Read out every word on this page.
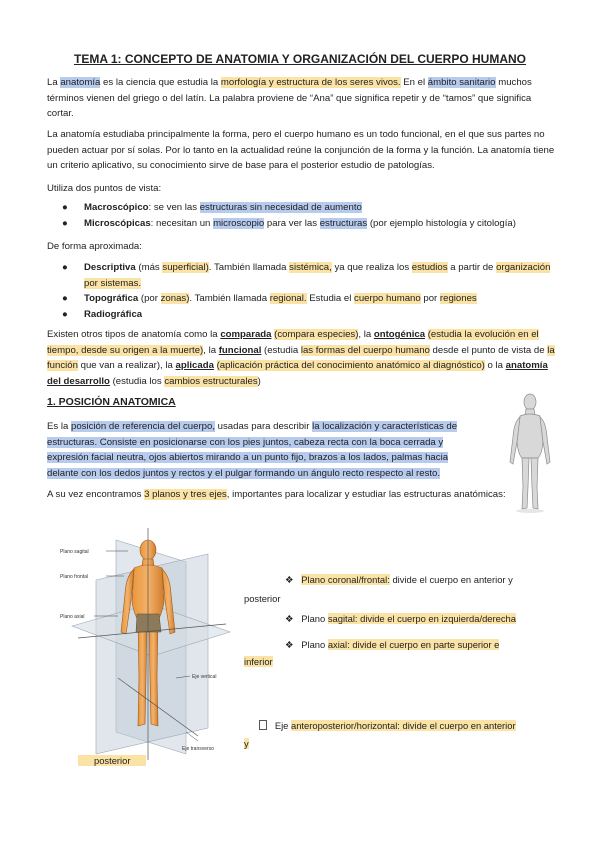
TEMA 1: CONCEPTO DE ANATOMIA Y ORGANIZACIÓN DEL CUERPO HUMANO

La anatomía es la ciencia que estudia la morfología y estructura de los seres vivos. En el ámbito sanitario muchos términos vienen del griego o del latín. La palabra proviene de “Ana” que significa repetir y de “tamos” que significa cortar.

La anatomía estudiaba principalmente la forma, pero el cuerpo humano es un todo funcional, en el que sus partes no pueden actuar por sí solas. Por lo tanto en la actualidad reúne la conjunción de la forma y la función. La anatomía tiene un criterio aplicativo, su conocimiento sirve de base para el posterior estudio de patologías.

Utiliza dos puntos de vista:

● Macroscópico: se ven las estructuras sin necesidad de aumento
● Microscópicas: necesitan un microscopio para ver las estructuras (por ejemplo histología y citología)

De forma aproximada:

● Descriptiva (más superficial). También llamada sistémica, ya que realiza los estudios a partir de organización por sistemas.
● Topográfica (por zonas). También llamada regional. Estudia el cuerpo humano por regiones
● Radiográfica

Existen otros tipos de anatomía como la comparada (compara especies), la ontogénica (estudia la evolución en el tiempo, desde su origen a la muerte), la funcional (estudia las formas del cuerpo humano desde el punto de vista de la función que van a realizar), la aplicada (aplicación práctica del conocimiento anatómico al diagnóstico) o la anatomía del desarrollo (estudia los cambios estructurales)

1. POSICIÓN ANATOMICA

Es la posición de referencia del cuerpo, usadas para describir la localización y características de estructuras. Consiste en posicionarse con los pies juntos, cabeza recta con la boca cerrada y expresión facial neutra, ojos abiertos mirando a un punto fijo, brazos a los lados, palmas hacia delante con los dedos juntos y rectos y el pulgar formando un ángulo recto respecto al resto.

A su vez encontramos 3 planos y tres ejes, importantes para localizar y estudiar las estructuras anatómicas:

Plano sagital
Plano frontal
Plano axial
Eje transverso
Eje vertical

❖ Plano coronal/frontal: divide el cuerpo en anterior y

posterior

❖ Plano sagital: divide el cuerpo en izquierda/derecha

❖ Plano axial: divide el cuerpo en parte superior e

inferior

Eje anteroposterior/horizontal: divide el cuerpo en anterior

y

posterior
